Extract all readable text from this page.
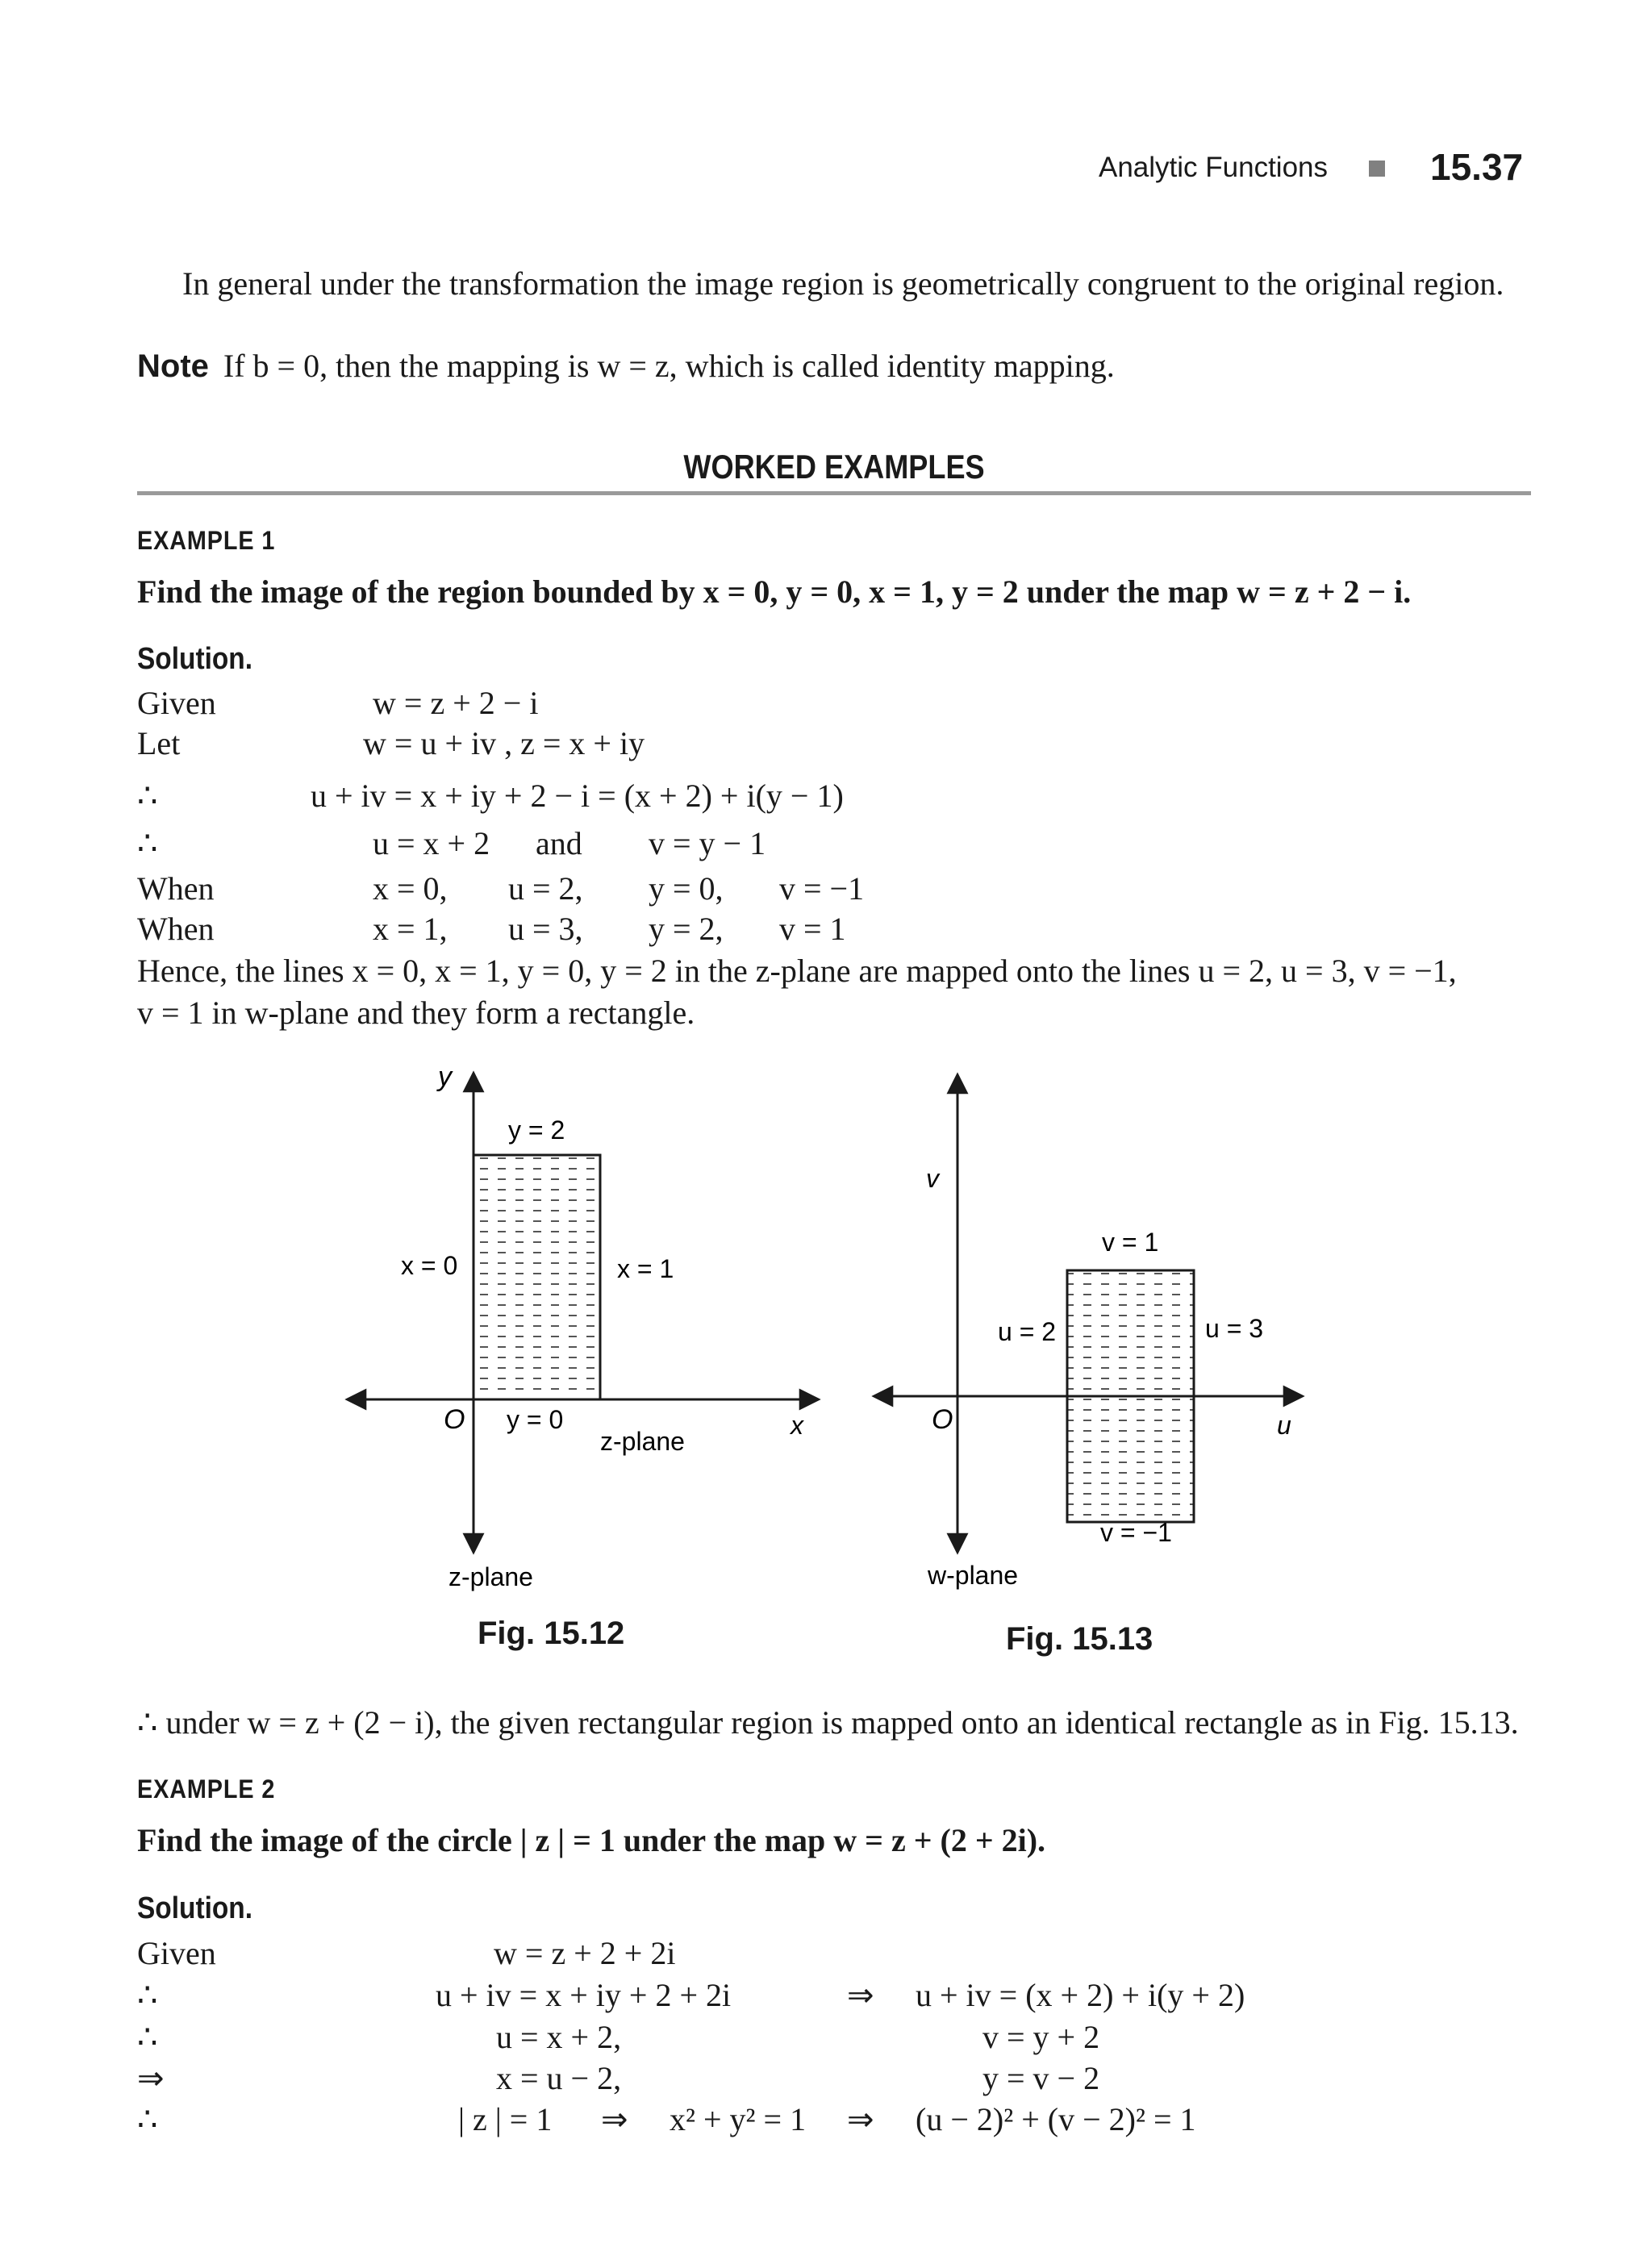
Analytic Functions	15.37
In general under the transformation the image region is geometrically congruent to the original region.
Note If b = 0, then the mapping is w = z, which is called identity mapping.
WORKED EXAMPLES
EXAMPLE 1
Find the image of the region bounded by x = 0, y = 0, x = 1, y = 2 under the map w = z + 2 − i.
Solution.
Given	w = z + 2 − i
Let	w = u + iv , z = x + iy
∴	u + iv = x + iy + 2 − i = (x + 2) + i(y − 1)
∴	u = x + 2 and v = y − 1
When	x = 0, u = 2, y = 0, v = −1
When	x = 1, u = 3, y = 2, v = 1
Hence, the lines x = 0, x = 1, y = 0, y = 2 in the z-plane are mapped onto the lines u = 2, u = 3, v = −1,
v = 1 in w-plane and they form a rectangle.
y
y = 2
x = 0	x = 1
O y = 0
z-plane
x
z-plane
v
v = 1
u = 2	u = 3
O	u
v = −1
w-plane
Fig. 15.12	Fig. 15.13
∴ under w = z + (2 − i), the given rectangular region is mapped onto an identical rectangle as in Fig. 15.13.
EXAMPLE 2
Find the image of the circle | z | = 1 under the map w = z + (2 + 2i).
Solution.
Given	w = z + 2 + 2i
∴	u + iv = x + iy + 2 + 2i	⇒ u + iv = (x + 2) + i(y + 2)
∴	u = x + 2,	v = y + 2
⇒	x = u − 2,	y = v − 2
∴	| z | = 1 ⇒ x² + y² = 1 ⇒ (u − 2)² + (v − 2)² = 1
